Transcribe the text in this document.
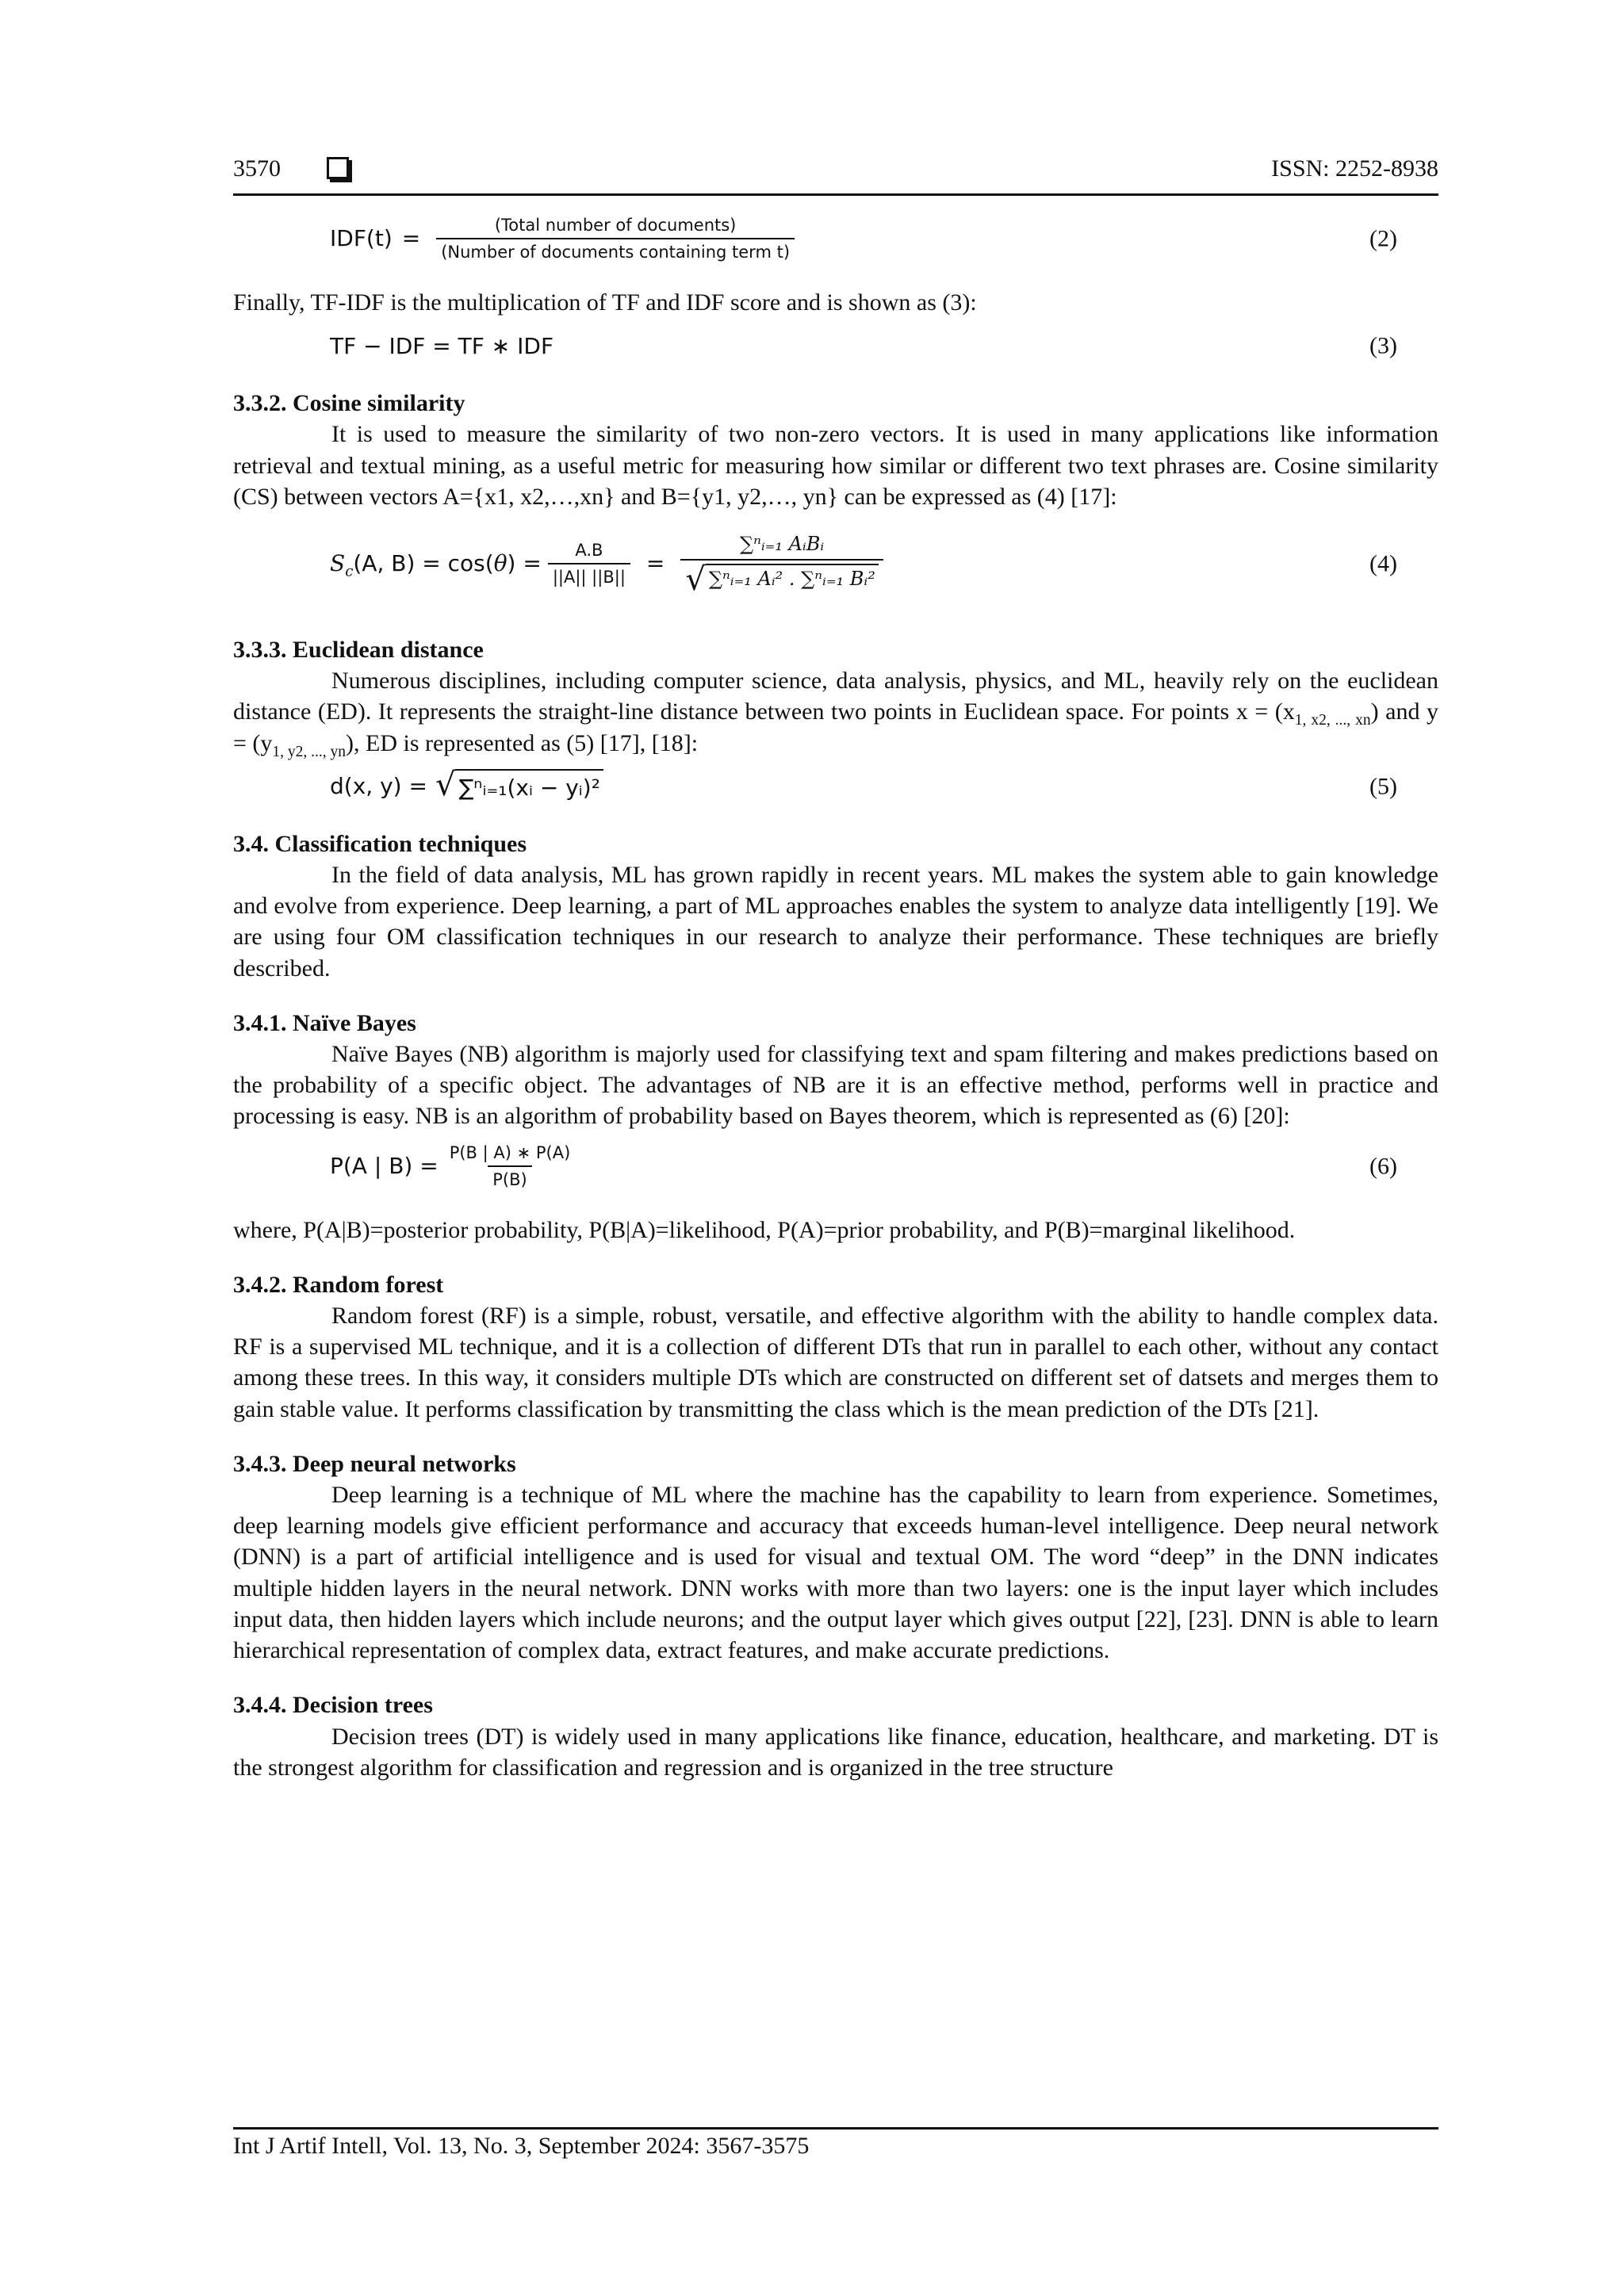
3570	ISSN: 2252-8938
$IDF(t) = \frac{\text{(Total number of documents)}}{\text{(Number of documents containing term t)}}$	(2)

Finally, TF-IDF is the multiplication of TF and IDF score and is shown as (3):

TF − IDF = TF ∗ IDF	(3)

3.3.2. Cosine similarity

It is used to measure the similarity of two non-zero vectors. It is used in many applications like information retrieval and textual mining, as a useful metric for measuring how similar or different two text phrases are. Cosine similarity (CS) between vectors A={x1, x2,…,xn} and B={y1, y2,…, yn} can be expressed as (4) [17]:

$S_c$ (A, B) = cos( θ ) = $\frac{A.B}{||A|| ||B||} = \frac{\text{∑ⁿᵢ₌₁ AᵢBᵢ}}{\text{√ ∑ⁿᵢ₌₁ Aᵢ² . ∑ⁿᵢ₌₁ Bᵢ²}}$	(4)

3.3.3. Euclidean distance

Numerous disciplines, including computer science, data analysis, physics, and ML, heavily rely on the euclidean distance (ED). It represents the straight-line distance between two points in Euclidean space. For points $x = (x_{1, x2, ..., xn})$ and $y = (y_{1, y2, ..., yn})$, ED is represented as (5) [17], [18]:

d(x, y) = √ ∑ⁿᵢ₌₁(xᵢ − yᵢ)²	(5)

3.4. Classification techniques

In the field of data analysis, ML has grown rapidly in recent years. ML makes the system able to gain knowledge and evolve from experience. Deep learning, a part of ML approaches enables the system to analyze data intelligently [19]. We are using four OM classification techniques in our research to analyze their performance. These techniques are briefly described.

3.4.1. Naïve Bayes

Naïve Bayes (NB) algorithm is majorly used for classifying text and spam filtering and makes predictions based on the probability of a specific object. The advantages of NB are it is an effective method, performs well in practice and processing is easy. NB is an algorithm of probability based on Bayes theorem, which is represented as (6) [20]:

P(A | $B) = \frac{P(B | A) ∗ P(A)}{P(B)}$	(6)

where, P(A|B)=posterior probability, P(B|A)=likelihood, P(A)=prior probability, and P(B)=marginal likelihood.

3.4.2. Random forest

Random forest (RF) is a simple, robust, versatile, and effective algorithm with the ability to handle complex data. RF is a supervised ML technique, and it is a collection of different DTs that run in parallel to each other, without any contact among these trees. In this way, it considers multiple DTs which are constructed on different set of datsets and merges them to gain stable value. It performs classification by transmitting the class which is the mean prediction of the DTs [21].

3.4.3. Deep neural networks

Deep learning is a technique of ML where the machine has the capability to learn from experience. Sometimes, deep learning models give efficient performance and accuracy that exceeds human-level intelligence. Deep neural network (DNN) is a part of artificial intelligence and is used for visual and textual OM. The word “deep” in the DNN indicates multiple hidden layers in the neural network. DNN works with more than two layers: one is the input layer which includes input data, then hidden layers which include neurons; and the output layer which gives output [22], [23]. DNN is able to learn hierarchical representation of complex data, extract features, and make accurate predictions.

3.4.4. Decision trees

Decision trees (DT) is widely used in many applications like finance, education, healthcare, and marketing. DT is the strongest algorithm for classification and regression and is organized in the tree structure

Int J Artif Intell, Vol. 13, No. 3, September 2024: 3567-3575
